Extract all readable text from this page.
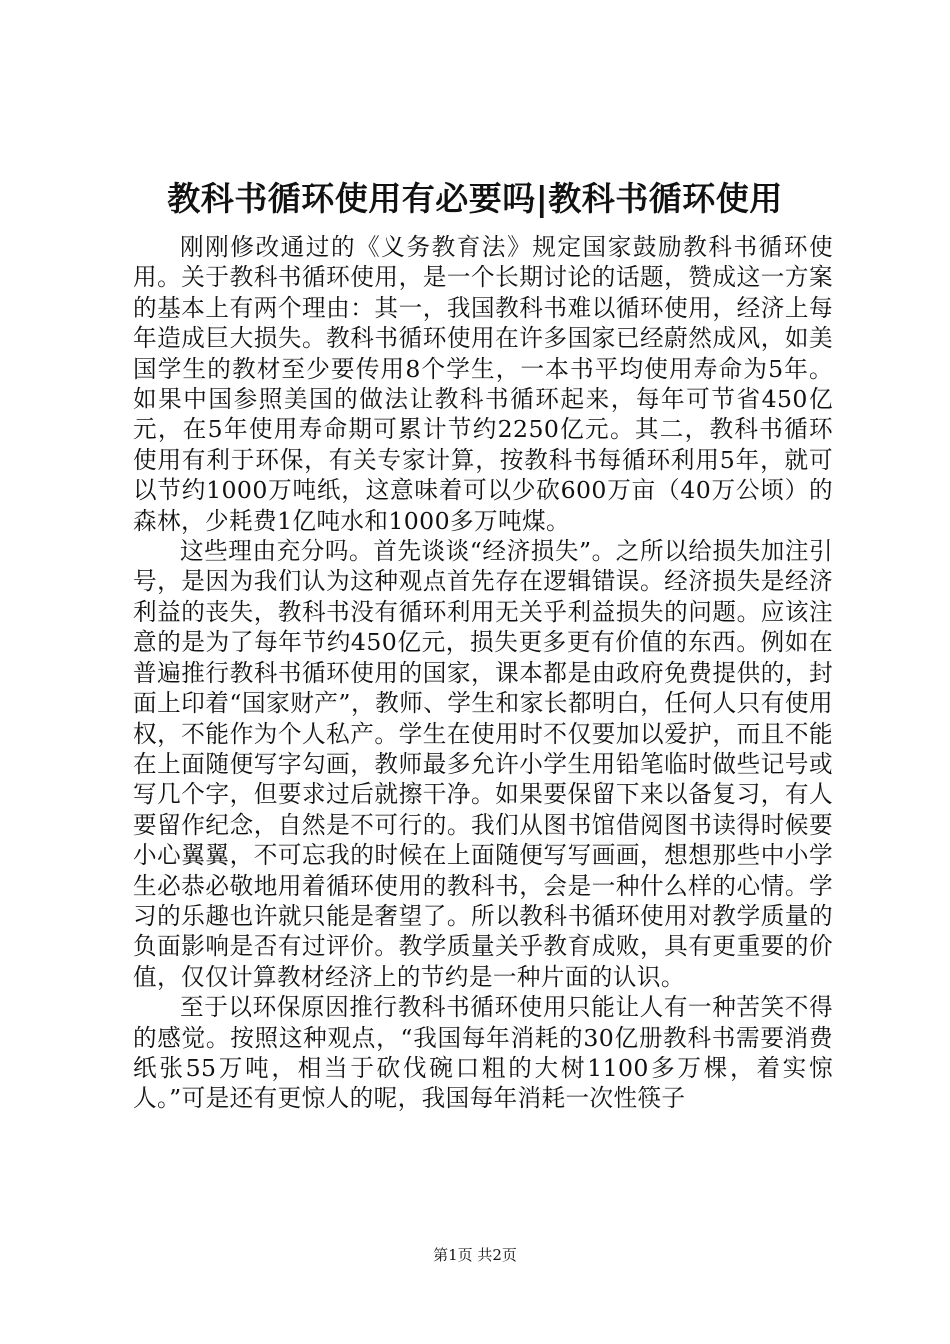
教科书循环使用有必要吗|教科书循环使用

刚刚修改通过的《义务教育法》规定国家鼓励教科书循环使用。关于教科书循环使用，是一个长期讨论的话题，赞成这一方案的基本上有两个理由：其一，我国教科书难以循环使用，经济上每年造成巨大损失。教科书循环使用在许多国家已经蔚然成风，如美国学生的教材至少要传用8个学生，一本书平均使用寿命为5年。如果中国参照美国的做法让教科书循环起来，每年可节省450亿元，在5年使用寿命期可累计节约2250亿元。其二，教科书循环使用有利于环保，有关专家计算，按教科书每循环利用5年，就可以节约1000万吨纸，这意味着可以少砍600万亩（40万公顷）的森林，少耗费1亿吨水和1000多万吨煤。

这些理由充分吗。首先谈谈“经济损失”。之所以给损失加注引号，是因为我们认为这种观点首先存在逻辑错误。经济损失是经济利益的丧失，教科书没有循环利用无关乎利益损失的问题。应该注意的是为了每年节约450亿元，损失更多更有价值的东西。例如在普遍推行教科书循环使用的国家，课本都是由政府免费提供的，封面上印着“国家财产”，教师、学生和家长都明白，任何人只有使用权，不能作为个人私产。学生在使用时不仅要加以爱护，而且不能在上面随便写字勾画，教师最多允许小学生用铅笔临时做些记号或写几个字，但要求过后就擦干净。如果要保留下来以备复习，有人要留作纪念，自然是不可行的。我们从图书馆借阅图书读得时候要小心翼翼，不可忘我的时候在上面随便写写画画，想想那些中小学生必恭必敬地用着循环使用的教科书，会是一种什么样的心情。学习的乐趣也许就只能是奢望了。所以教科书循环使用对教学质量的负面影响是否有过评价。教学质量关乎教育成败，具有更重要的价值，仅仅计算教材经济上的节约是一种片面的认识。

至于以环保原因推行教科书循环使用只能让人有一种苦笑不得的感觉。按照这种观点，“我国每年消耗的30亿册教科书需要消费纸张55万吨，相当于砍伐碗口粗的大树1100多万棵，着实惊人。”可是还有更惊人的呢，我国每年消耗一次性筷子

第1页 共2页
